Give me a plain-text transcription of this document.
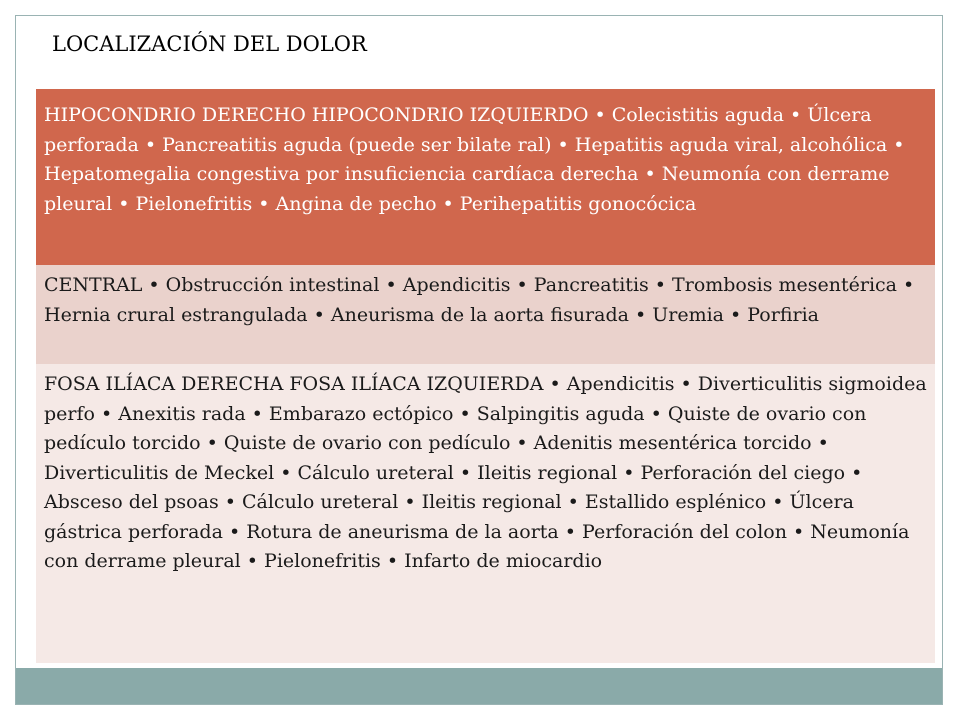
LOCALIZACIÓN DEL DOLOR
HIPOCONDRIO DERECHO HIPOCONDRIO IZQUIERDO • Colecistitis aguda • Úlcera perforada • Pancreatitis aguda (puede ser bilate ral) • Hepatitis aguda viral, alcohólica • Hepatomegalia congestiva por insuficiencia cardíaca derecha • Neumonía con derrame pleural • Pielonefritis • Angina de pecho • Perihepatitis gonocócica
CENTRAL • Obstrucción intestinal • Apendicitis • Pancreatitis • Trombosis mesentérica • Hernia crural estrangulada • Aneurisma de la aorta fisurada • Uremia • Porfiria
FOSA ILÍACA DERECHA FOSA ILÍACA IZQUIERDA • Apendicitis • Diverticulitis sigmoidea perfo • Anexitis rada • Embarazo ectópico • Salpingitis aguda • Quiste de ovario con pedículo torcido • Quiste de ovario con pedículo • Adenitis mesentérica torcido • Diverticulitis de Meckel • Cálculo ureteral • Ileitis regional • Perforación del ciego • Absceso del psoas • Cálculo ureteral • Ileitis regional • Estallido esplénico • Úlcera gástrica perforada • Rotura de aneurisma de la aorta • Perforación del colon • Neumonía con derrame pleural • Pielonefritis • Infarto de miocardio
